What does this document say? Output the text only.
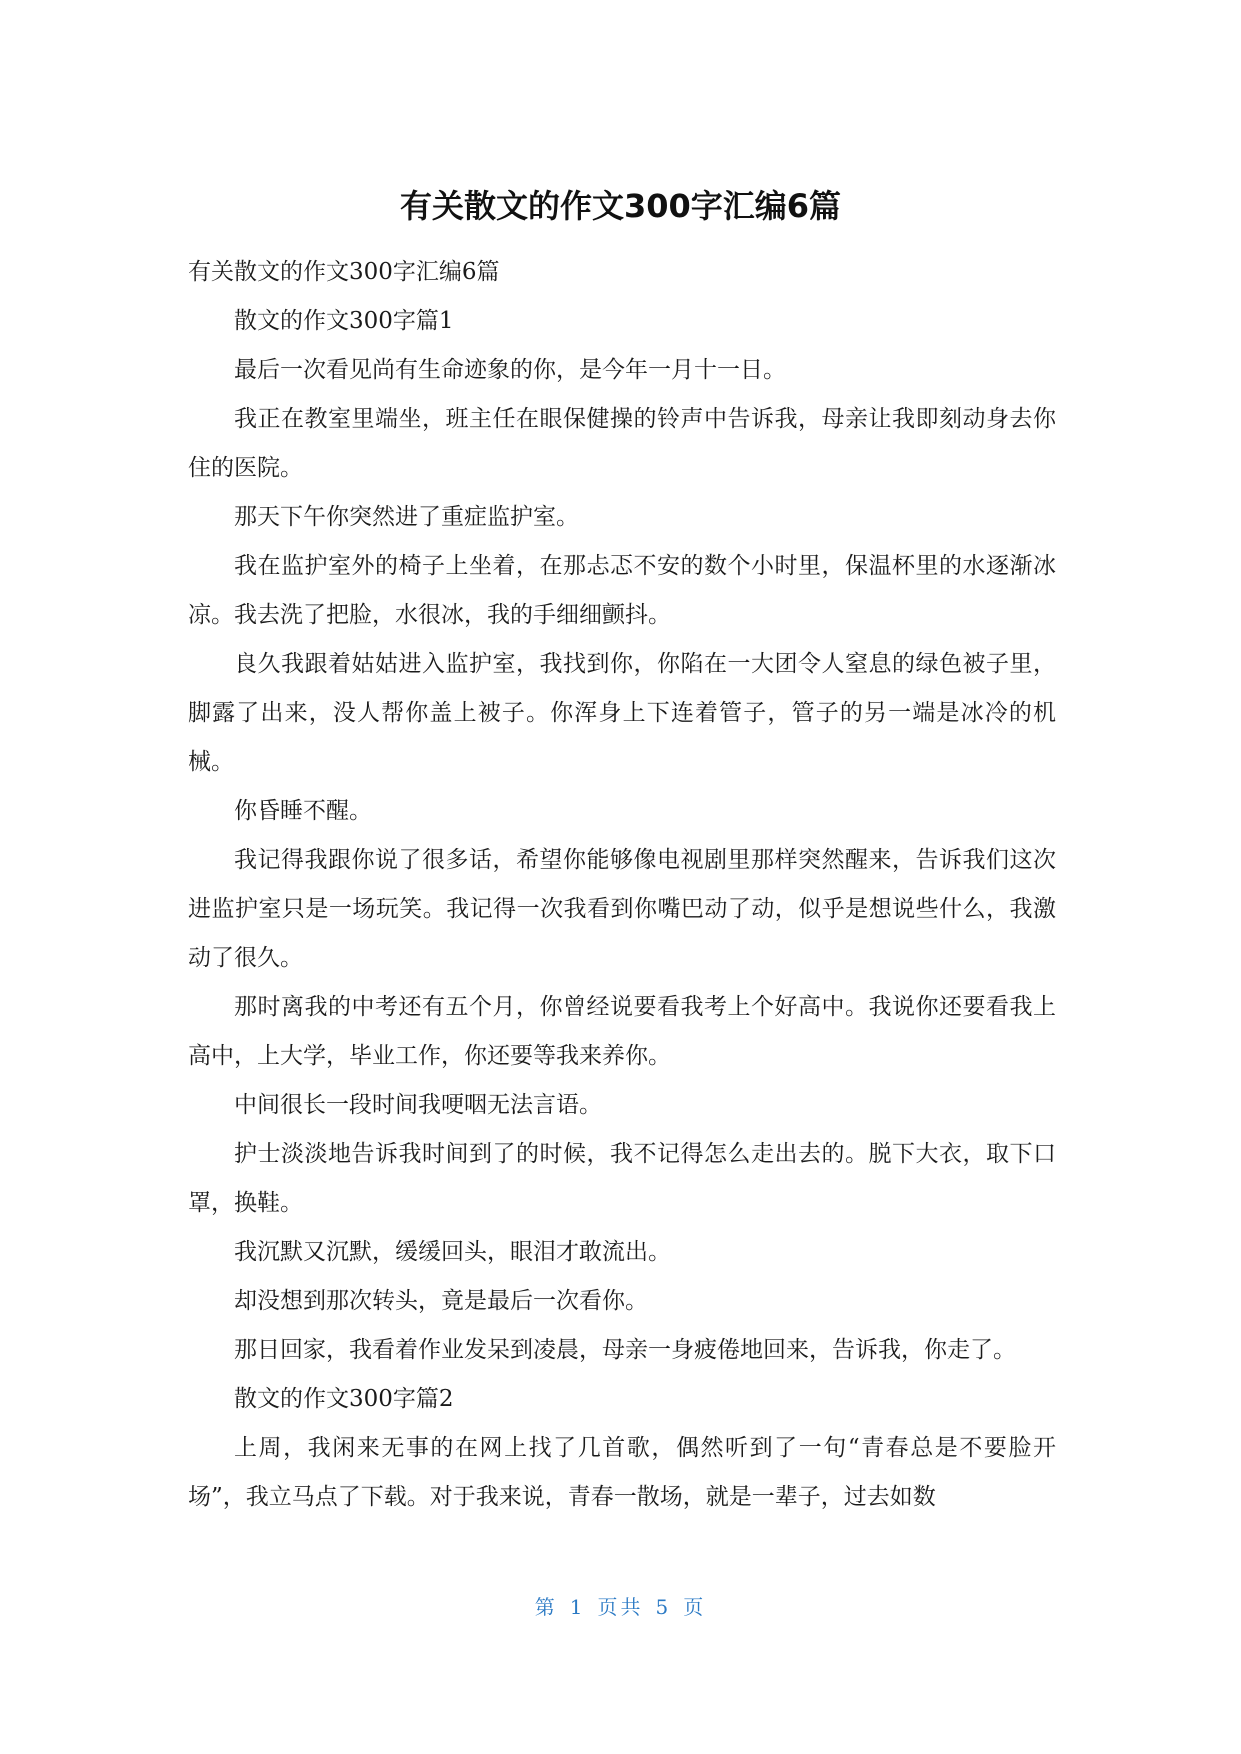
有关散文的作文300字汇编6篇

有关散文的作文300字汇编6篇

散文的作文300字篇1

最后一次看见尚有生命迹象的你，是今年一月十一日。

我正在教室里端坐，班主任在眼保健操的铃声中告诉我，母亲让我即刻动身去你住的医院。

那天下午你突然进了重症监护室。

我在监护室外的椅子上坐着，在那忐忑不安的数个小时里，保温杯里的水逐渐冰凉。我去洗了把脸，水很冰，我的手细细颤抖。

良久我跟着姑姑进入监护室，我找到你，你陷在一大团令人窒息的绿色被子里，脚露了出来，没人帮你盖上被子。你浑身上下连着管子，管子的另一端是冰冷的机械。

你昏睡不醒。

我记得我跟你说了很多话，希望你能够像电视剧里那样突然醒来，告诉我们这次进监护室只是一场玩笑。我记得一次我看到你嘴巴动了动，似乎是想说些什么，我激动了很久。

那时离我的中考还有五个月，你曾经说要看我考上个好高中。我说你还要看我上高中，上大学，毕业工作，你还要等我来养你。

中间很长一段时间我哽咽无法言语。

护士淡淡地告诉我时间到了的时候，我不记得怎么走出去的。脱下大衣，取下口罩，换鞋。

我沉默又沉默，缓缓回头，眼泪才敢流出。

却没想到那次转头，竟是最后一次看你。

那日回家，我看着作业发呆到凌晨，母亲一身疲倦地回来，告诉我，你走了。

散文的作文300字篇2

上周，我闲来无事的在网上找了几首歌，偶然听到了一句“青春总是不要脸开场”，我立马点了下载。对于我来说，青春一散场，就是一辈子，过去如数

第 1 页共 5 页
